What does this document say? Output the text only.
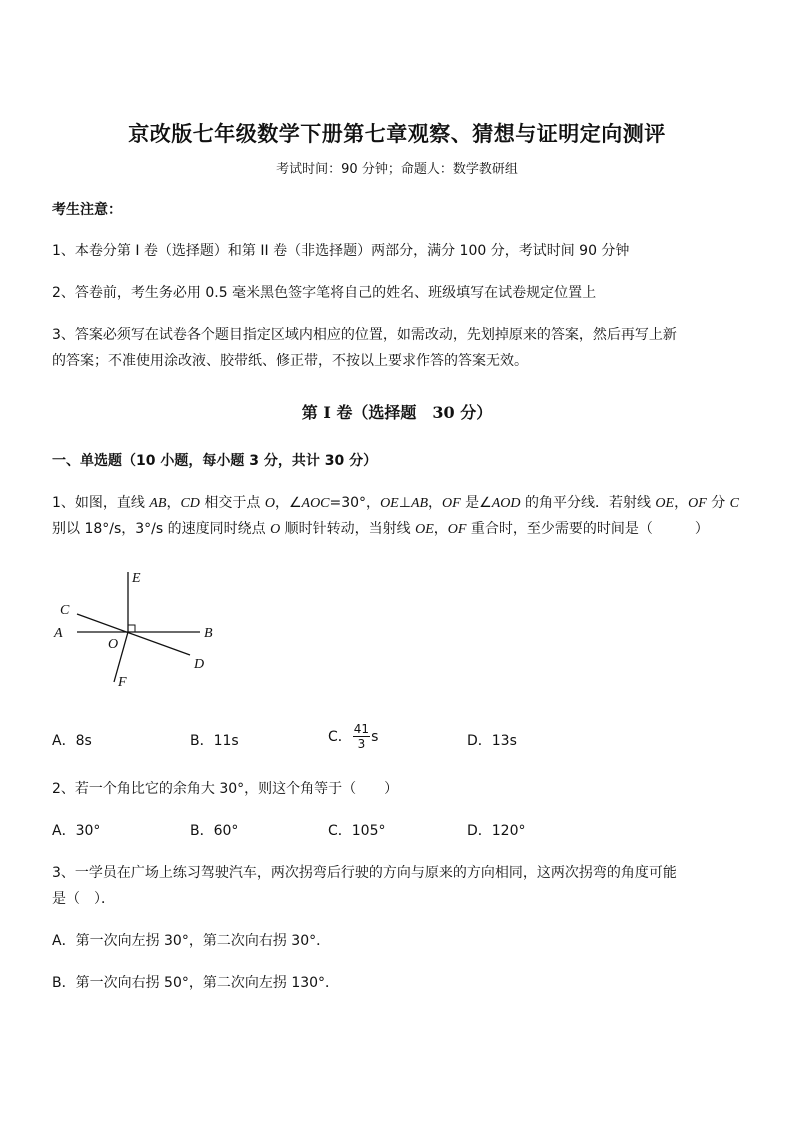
京改版七年级数学下册第七章观察、猜想与证明定向测评
考试时间：90 分钟；命题人：数学教研组
考生注意：
1、本卷分第 I 卷（选择题）和第 II 卷（非选择题）两部分，满分 100 分，考试时间 90 分钟
2、答卷前，考生务必用 0.5 毫米黑色签字笔将自己的姓名、班级填写在试卷规定位置上
3、答案必须写在试卷各个题目指定区域内相应的位置，如需改动，先划掉原来的答案，然后再写上新
的答案；不准使用涂改液、胶带纸、修正带，不按以上要求作答的答案无效。
第 I 卷（选择题　30 分）
一、单选题（10 小题，每小题 3 分，共计 30 分）
1、如图，直线 AB，CD 相交于点 O，∠AOC=30°，OE⊥AB，OF 是∠AOD 的角平分线．若射线 OE，OF 分 C
别以 18°/s，3°/s 的速度同时绕点 O 顺时针转动，当射线 OE，OF 重合时，至少需要的时间是（　　　）
E
C
A
O
B
D
F
A．8s	B．11s	C． $\frac{41}{3}$ s	D．13s
2、若一个角比它的余角大 30°，则这个角等于（　　）
A．30°	B．60°	C．105°	D．120°
3、一学员在广场上练习驾驶汽车，两次拐弯后行驶的方向与原来的方向相同，这两次拐弯的角度可能
是（　）．
A．第一次向左拐 30°，第二次向右拐 30°．
B．第一次向右拐 50°，第二次向左拐 130°．
